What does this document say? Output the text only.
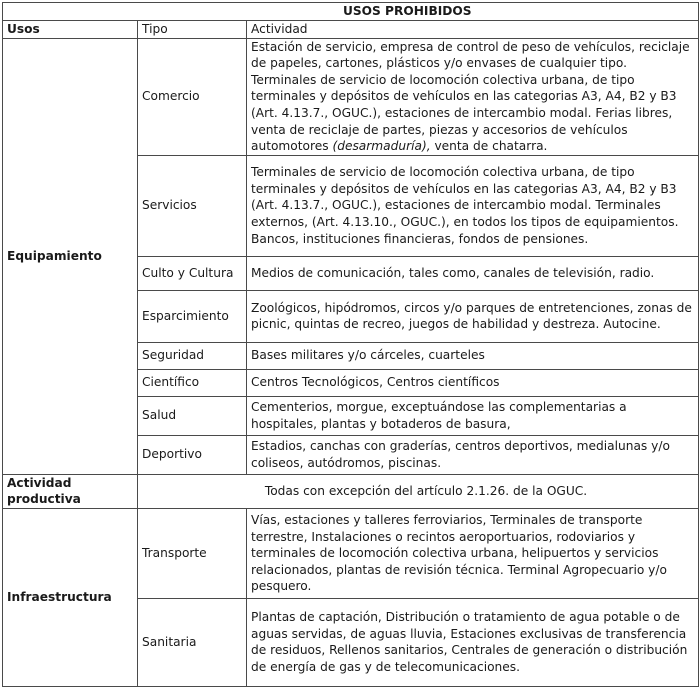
USOS PROHIBIDOS		
Usos	Tipo	Actividad
Equipamiento	Comercio	Estación de servicio, empresa de control de peso de vehículos, reciclaje de papeles, cartones, plásticos y/o envases de cualquier tipo. Terminales de servicio de locomoción colectiva urbana, de tipo terminales y depósitos de vehículos en las categorias A3, A4, B2 y B3 (Art. 4.13.7., OGUC.), estaciones de intercambio modal. Ferias libres, venta de reciclaje de partes, piezas y accesorios de vehículos automotores (desarmaduría), venta de chatarra.
	Servicios	Terminales de servicio de locomoción colectiva urbana, de tipo terminales y depósitos de vehículos en las categorias A3, A4, B2 y B3 (Art. 4.13.7., OGUC.), estaciones de intercambio modal. Terminales externos, (Art. 4.13.10., OGUC.), en todos los tipos de equipamientos. Bancos, instituciones financieras, fondos de pensiones.
	Culto y Cultura	Medios de comunicación, tales como, canales de televisión, radio.
	Esparcimiento	Zoológicos, hipódromos, circos y/o parques de entretenciones, zonas de picnic, quintas de recreo, juegos de habilidad y destreza. Autocine.
	Seguridad	Bases militares y/o cárceles, cuarteles
	Científico	Centros Tecnológicos, Centros científicos
	Salud	Cementerios, morgue, exceptuándose las complementarias a hospitales, plantas y botaderos de basura,
	Deportivo	Estadios, canchas con graderías, centros deportivos, medialunas y/o coliseos, autódromos, piscinas.
Actividad productiva	Todas con excepción del artículo 2.1.26. de la OGUC.	
Infraestructura	Transporte	Vías, estaciones y talleres ferroviarios, Terminales de transporte terrestre, Instalaciones o recintos aeroportuarios, rodoviarios y terminales de locomoción colectiva urbana, helipuertos y servicios relacionados, plantas de revisión técnica. Terminal Agropecuario y/o pesquero.
	Sanitaria	Plantas de captación, Distribución o tratamiento de agua potable o de aguas servidas, de aguas lluvia, Estaciones exclusivas de transferencia de residuos, Rellenos sanitarios, Centrales de generación o distribución de energía de gas y de telecomunicaciones.
